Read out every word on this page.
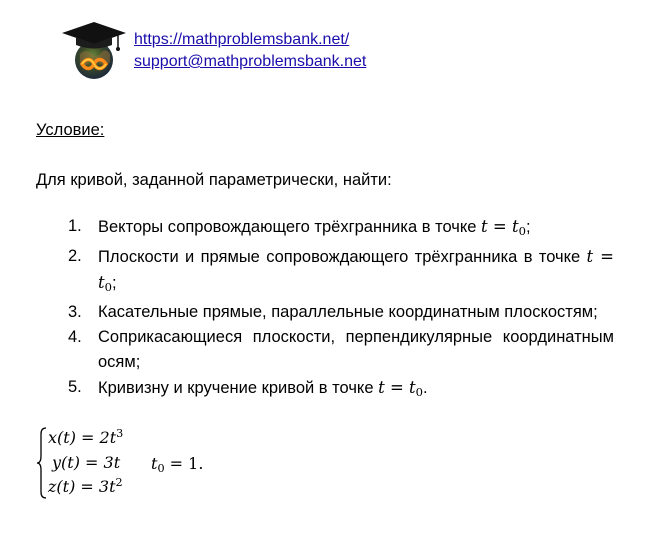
https://mathproblemsbank.net/
support@mathproblemsbank.net

Условие:

Для кривой, заданной параметрически, найти:

1. Векторы сопровождающего трёхгранника в точке $t = t_0$;
2. Плоскости и прямые сопровождающего трёхгранника в точке $t = t_0$;
3. Касательные прямые, параллельные координатным плоскостям;
4. Соприкасающиеся плоскости, перпендикулярные координатным осям;
5. Кривизну и кручение кривой в точке $t = t_0$.
$x(t) = 2t^3$
y(t) = 3t
$z(t) = 3t^2$
$t_0 = 1$.
